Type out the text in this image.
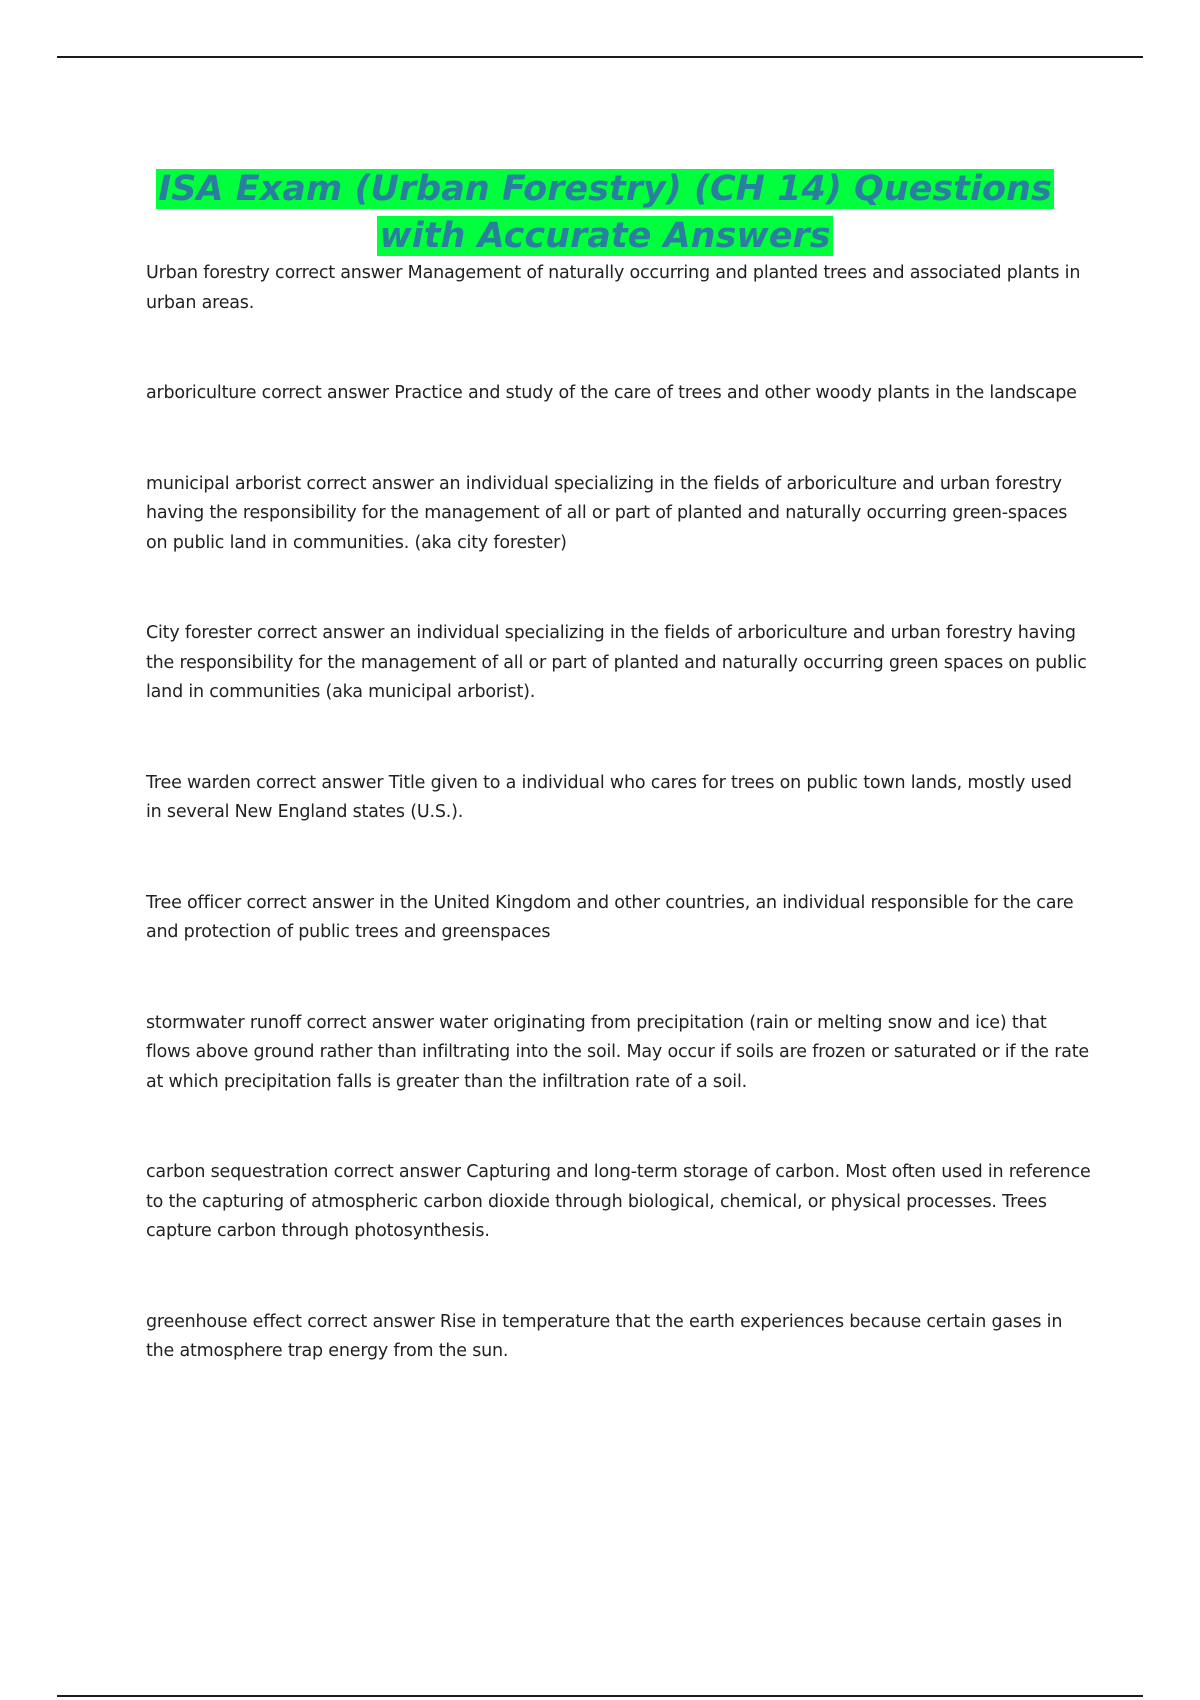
ISA Exam (Urban Forestry) (CH 14) Questions
with Accurate Answers
Urban forestry correct answer Management of naturally occurring and planted trees and associated plants in urban areas.
arboriculture correct answer Practice and study of the care of trees and other woody plants in the landscape
municipal arborist correct answer an individual specializing in the fields of arboriculture and urban forestry having the responsibility for the management of all or part of planted and naturally occurring green-spaces on public land in communities. (aka city forester)
City forester correct answer an individual specializing in the fields of arboriculture and urban forestry having the responsibility for the management of all or part of planted and naturally occurring green spaces on public land in communities (aka municipal arborist).
Tree warden correct answer Title given to a individual who cares for trees on public town lands, mostly used in several New England states (U.S.).
Tree officer correct answer in the United Kingdom and other countries, an individual responsible for the care and protection of public trees and greenspaces
stormwater runoff correct answer water originating from precipitation (rain or melting snow and ice) that flows above ground rather than infiltrating into the soil. May occur if soils are frozen or saturated or if the rate at which precipitation falls is greater than the infiltration rate of a soil.
carbon sequestration correct answer Capturing and long-term storage of carbon. Most often used in reference to the capturing of atmospheric carbon dioxide through biological, chemical, or physical processes. Trees capture carbon through photosynthesis.
greenhouse effect correct answer Rise in temperature that the earth experiences because certain gases in the atmosphere trap energy from the sun.
